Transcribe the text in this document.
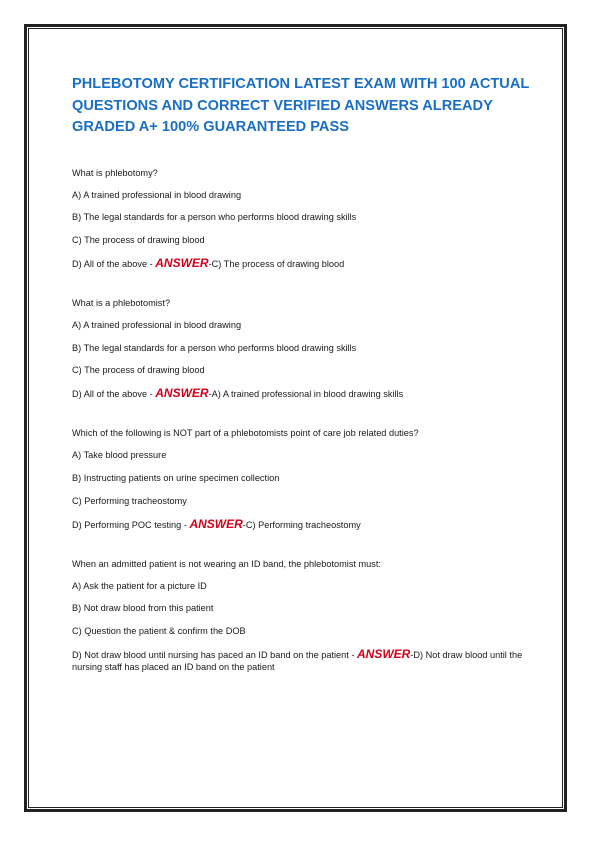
PHLEBOTOMY CERTIFICATION LATEST EXAM WITH 100 ACTUAL QUESTIONS AND CORRECT VERIFIED ANSWERS ALREADY GRADED A+ 100% GUARANTEED PASS
What is phlebotomy?
A) A trained professional in blood drawing
B) The legal standards for a person who performs blood drawing skills
C) The process of drawing blood
D) All of the above - ANSWER-C) The process of drawing blood
What is a phlebotomist?
A) A trained professional in blood drawing
B) The legal standards for a person who performs blood drawing skills
C) The process of drawing blood
D) All of the above - ANSWER-A) A trained professional in blood drawing skills
Which of the following is NOT part of a phlebotomists point of care job related duties?
A) Take blood pressure
B) Instructing patients on urine specimen collection
C) Performing tracheostomy
D) Performing POC testing - ANSWER-C) Performing tracheostomy
When an admitted patient is not wearing an ID band, the phlebotomist must:
A) Ask the patient for a picture ID
B) Not draw blood from this patient
C) Question the patient & confirm the DOB
D) Not draw blood until nursing has paced an ID band on the patient - ANSWER-D) Not draw blood until the nursing staff has placed an ID band on the patient
